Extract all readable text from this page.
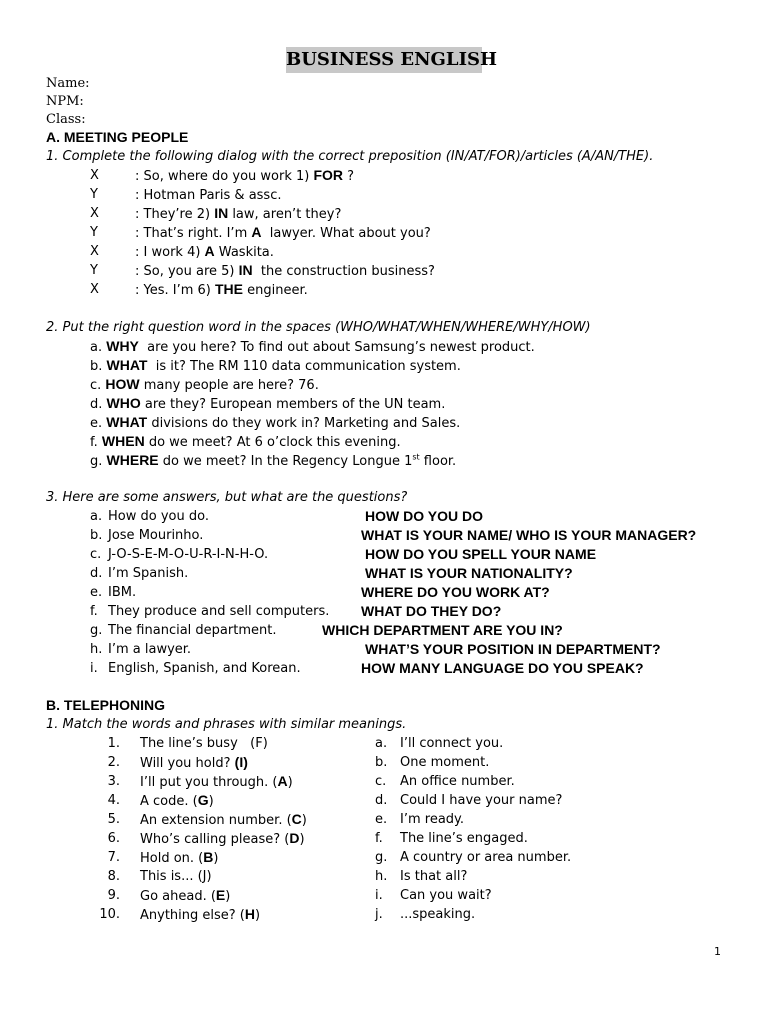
BUSINESS ENGLISH
Name:
NPM:
Class:
A. MEETING PEOPLE
1. Complete the following dialog with the correct preposition (IN/AT/FOR)/articles (A/AN/THE).
X	: So, where do you work 1) FOR ?
Y	: Hotman Paris & assc.
X	: They’re 2) IN law, aren’t they?
Y	: That’s right. I’m A  lawyer. What about you?
X	: I work 4) A Waskita.
Y	: So, you are 5) IN  the construction business?
X	: Yes. I’m 6) THE engineer.
2. Put the right question word in the spaces (WHO/WHAT/WHEN/WHERE/WHY/HOW)
a. WHY  are you here? To find out about Samsung’s newest product.
b. WHAT  is it? The RM 110 data communication system.
c. HOW many people are here? 76.
d. WHO are they? European members of the UN team.
e. WHAT divisions do they work in? Marketing and Sales.
f. WHEN do we meet? At 6 o’clock this evening.
g. WHERE do we meet? In the Regency Longue 1st floor.
3. Here are some answers, but what are the questions?
a. How do you do.	HOW DO YOU DO
b. Jose Mourinho.	WHAT IS YOUR NAME/ WHO IS YOUR MANAGER?
c. J-O-S-E-M-O-U-R-I-N-H-O.	HOW DO YOU SPELL YOUR NAME
d. I’m Spanish.	WHAT IS YOUR NATIONALITY?
e. IBM.	WHERE DO YOU WORK AT?
f. They produce and sell computers. WHAT DO THEY DO?
g. The financial department.	WHICH DEPARTMENT ARE YOU IN?
h. I’m a lawyer.	WHAT’S YOUR POSITION IN DEPARTMENT?
i. English, Spanish, and Korean.	HOW MANY LANGUAGE DO YOU SPEAK?
B. TELEPHONING
1. Match the words and phrases with similar meanings.
1. The line’s busy   (F)	a. I’ll connect you.
2. Will you hold? (I)	b. One moment.
3. I’ll put you through. (A)	c. An office number.
4. A code. (G)	d. Could I have your name?
5. An extension number. (C)	e. I’m ready.
6. Who’s calling please? (D)	f. The line’s engaged.
7. Hold on. (B)	g. A country or area number.
8. This is... (J)	h. Is that all?
9. Go ahead. (E)	i. Can you wait?
10. Anything else? (H)	j. ...speaking.
1
